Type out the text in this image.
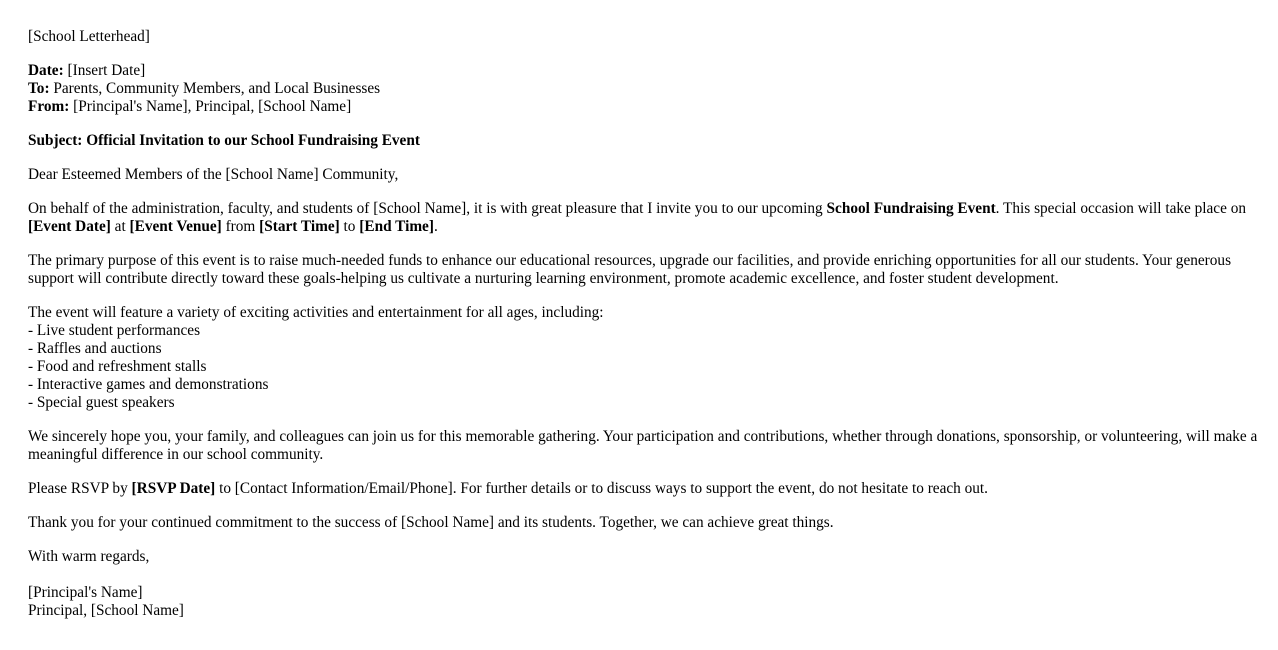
[School Letterhead]

Date: [Insert Date]

To: Parents, Community Members, and Local Businesses

From: [Principal's Name], Principal, [School Name]

Subject: Official Invitation to our School Fundraising Event

Dear Esteemed Members of the [School Name] Community,

On behalf of the administration, faculty, and students of [School Name], it is with great pleasure that I invite you to our upcoming School Fundraising Event. This special occasion will take place on [Event Date] at [Event Venue] from [Start Time] to [End Time].

The primary purpose of this event is to raise much-needed funds to enhance our educational resources, upgrade our facilities, and provide enriching opportunities for all our students. Your generous support will contribute directly toward these goals-helping us cultivate a nurturing learning environment, promote academic excellence, and foster student development.

The event will feature a variety of exciting activities and entertainment for all ages, including:

- Live student performances

- Raffles and auctions

- Food and refreshment stalls

- Interactive games and demonstrations

- Special guest speakers

We sincerely hope you, your family, and colleagues can join us for this memorable gathering. Your participation and contributions, whether through donations, sponsorship, or volunteering, will make a meaningful difference in our school community.

Please RSVP by [RSVP Date] to [Contact Information/Email/Phone]. For further details or to discuss ways to support the event, do not hesitate to reach out.

Thank you for your continued commitment to the success of [School Name] and its students. Together, we can achieve great things.

With warm regards,

[Principal's Name]

Principal, [School Name]
